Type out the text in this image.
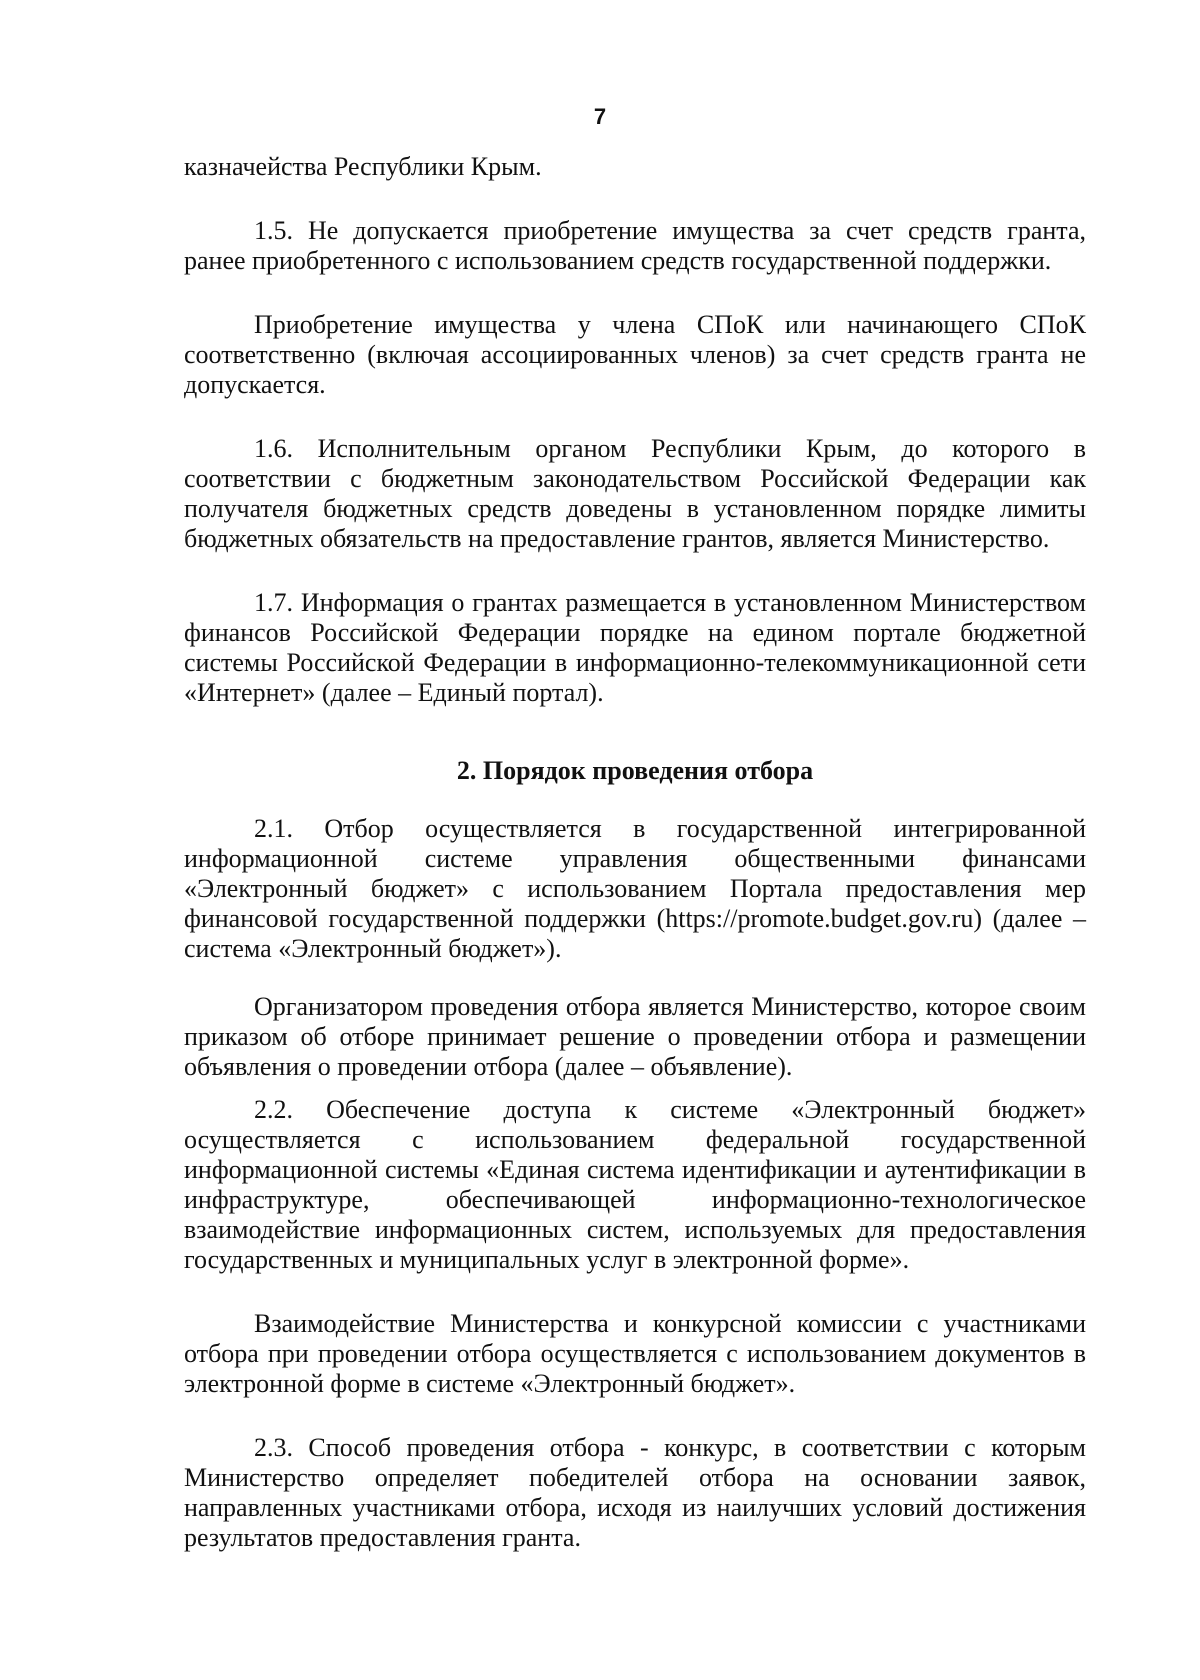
7

казначейства Республики Крым.

1.5. Не допускается приобретение имущества за счет средств гранта, ранее приобретенного с использованием средств государственной поддержки.

Приобретение имущества у члена СПоК или начинающего СПоК соответственно (включая ассоциированных членов) за счет средств гранта не допускается.

1.6. Исполнительным органом Республики Крым, до которого в соответствии с бюджетным законодательством Российской Федерации как получателя бюджетных средств доведены в установленном порядке лимиты бюджетных обязательств на предоставление грантов, является Министерство.

1.7. Информация о грантах размещается в установленном Министерством финансов Российской Федерации порядке на едином портале бюджетной системы Российской Федерации в информационно-телекоммуникационной сети «Интернет» (далее – Единый портал).

2. Порядок проведения отбора

2.1. Отбор осуществляется в государственной интегрированной информационной системе управления общественными финансами «Электронный бюджет» с использованием Портала предоставления мер финансовой государственной поддержки (https://promote.budget.gov.ru) (далее – система «Электронный бюджет»).

Организатором проведения отбора является Министерство, которое своим приказом об отборе принимает решение о проведении отбора и размещении объявления о проведении отбора (далее – объявление).

2.2. Обеспечение доступа к системе «Электронный бюджет» осуществляется с использованием федеральной государственной информационной системы «Единая система идентификации и аутентификации в инфраструктуре, обеспечивающей информационно-технологическое взаимодействие информационных систем, используемых для предоставления государственных и муниципальных услуг в электронной форме».

Взаимодействие Министерства и конкурсной комиссии с участниками отбора при проведении отбора осуществляется с использованием документов в электронной форме в системе «Электронный бюджет».

2.3. Способ проведения отбора - конкурс, в соответствии с которым Министерство определяет победителей отбора на основании заявок, направленных участниками отбора, исходя из наилучших условий достижения результатов предоставления гранта.
